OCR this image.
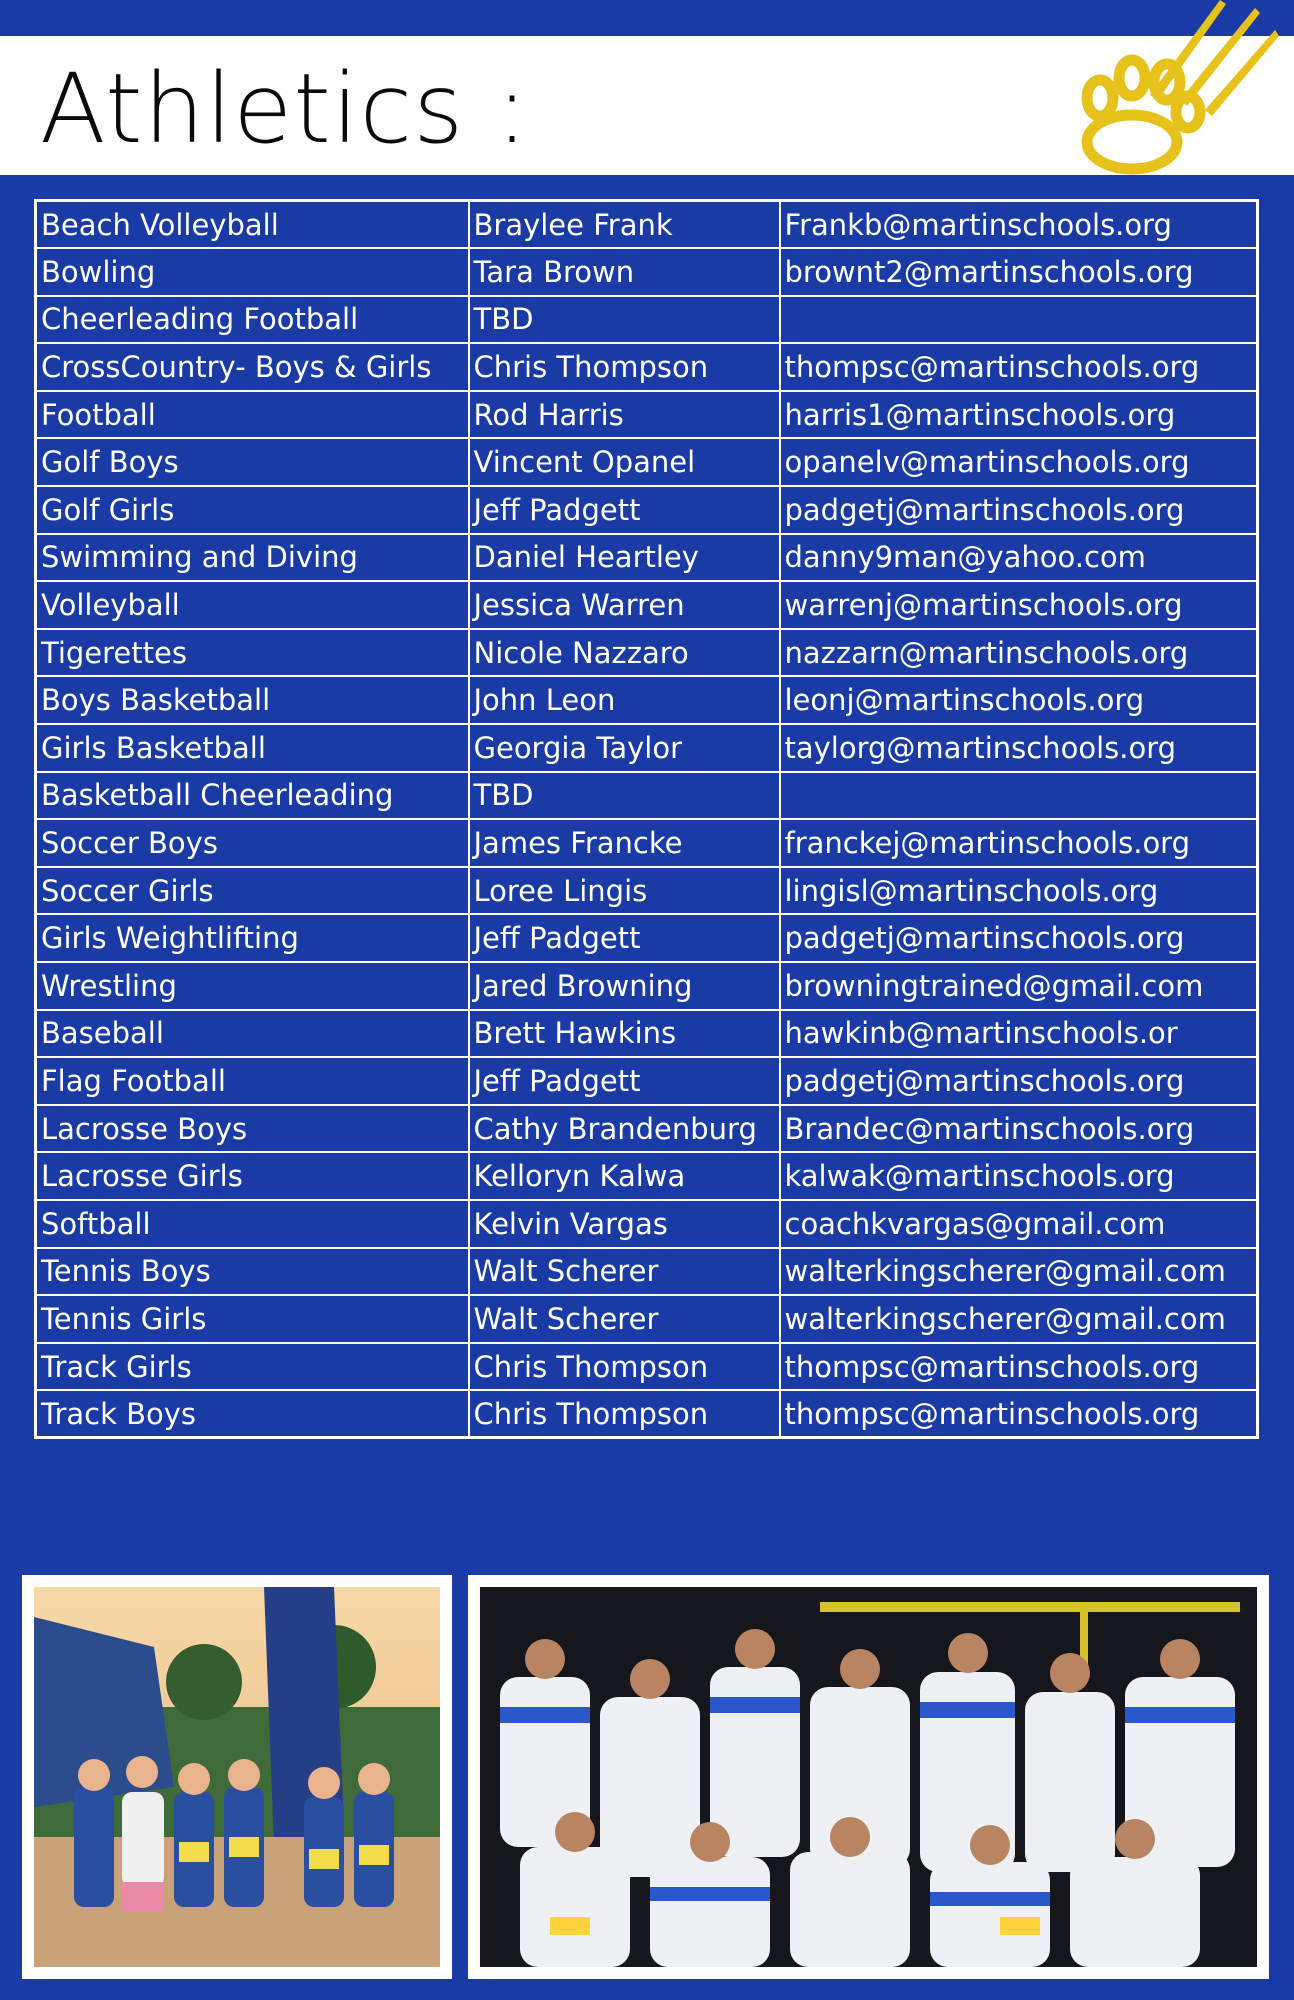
Athletics :
Beach Volleyball	Braylee Frank	Frankb@martinschools.org
Bowling	Tara Brown	brownt2@martinschools.org
Cheerleading Football	TBD	
CrossCountry- Boys & Girls	Chris Thompson	thompsc@martinschools.org
Football	Rod Harris	harris1@martinschools.org
Golf Boys	Vincent Opanel	opanelv@martinschools.org
Golf Girls	Jeff Padgett	padgetj@martinschools.org
Swimming and Diving	Daniel Heartley	danny9man@yahoo.com
Volleyball	Jessica Warren	warrenj@martinschools.org
Tigerettes	Nicole Nazzaro	nazzarn@martinschools.org
Boys Basketball	John Leon	leonj@martinschools.org
Girls Basketball	Georgia Taylor	taylorg@martinschools.org
Basketball Cheerleading	TBD	
Soccer Boys	James Francke	franckej@martinschools.org
Soccer Girls	Loree Lingis	lingisl@martinschools.org
Girls Weightlifting	Jeff Padgett	padgetj@martinschools.org
Wrestling	Jared Browning	browningtrained@gmail.com
Baseball	Brett Hawkins	hawkinb@martinschools.or
Flag Football	Jeff Padgett	padgetj@martinschools.org
Lacrosse Boys	Cathy Brandenburg	Brandec@martinschools.org
Lacrosse Girls	Kelloryn Kalwa	kalwak@martinschools.org
Softball	Kelvin Vargas	coachkvargas@gmail.com
Tennis Boys	Walt Scherer	walterkingscherer@gmail.com
Tennis Girls	Walt Scherer	walterkingscherer@gmail.com
Track Girls	Chris Thompson	thompsc@martinschools.org
Track Boys	Chris Thompson	thompsc@martinschools.org
